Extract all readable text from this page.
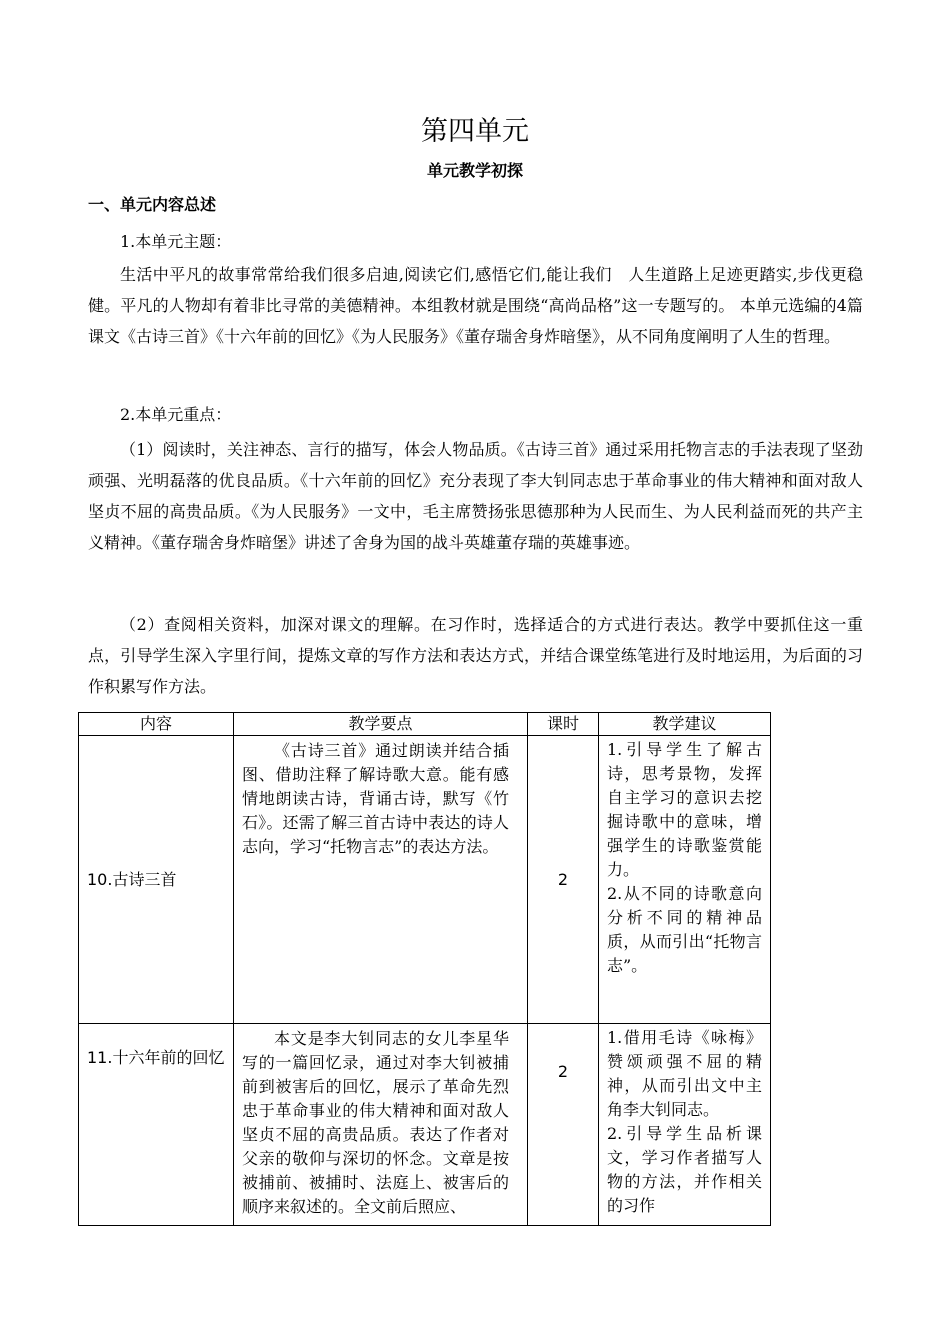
第四单元
单元教学初探
一、单元内容总述
1.本单元主题：
生活中平凡的故事常常给我们很多启迪,阅读它们,感悟它们,能让我们　人生道路上足迹更踏实,步伐更稳健。平凡的人物却有着非比寻常的美德精神。本组教材就是围绕“高尚品格”这一专题写的。 本单元选编的4篇课文《古诗三首》《十六年前的回忆》《为人民服务》《董存瑞舍身炸暗堡》，从不同角度阐明了人生的哲理。
2.本单元重点：
（1）阅读时，关注神态、言行的描写，体会人物品质。《古诗三首》通过采用托物言志的手法表现了坚劲顽强、光明磊落的优良品质。《十六年前的回忆》充分表现了李大钊同志忠于革命事业的伟大精神和面对敌人坚贞不屈的高贵品质。《为人民服务》一文中，毛主席赞扬张思德那种为人民而生、为人民利益而死的共产主义精神。《董存瑞舍身炸暗堡》讲述了舍身为国的战斗英雄董存瑞的英雄事迹。
（2）查阅相关资料，加深对课文的理解。在习作时，选择适合的方式进行表达。教学中要抓住这一重点，引导学生深入字里行间，提炼文章的写作方法和表达方式，并结合课堂练笔进行及时地运用，为后面的习作积累写作方法。
内容	教学要点	课时	教学建议
10.古诗三首	《古诗三首》通过朗读并结合插图、借助注释了解诗歌大意。能有感情地朗读古诗，背诵古诗，默写《竹石》。还需了解三首古诗中表达的诗人志向，学习“托物言志”的表达方法。	2	1.引导学生了解古诗，思考景物，发挥自主学习的意识去挖掘诗歌中的意味，增强学生的诗歌鉴赏能力。
2.从不同的诗歌意向分析不同的精神品质，从而引出“托物言志”。

11.十六年前的回忆	本文是李大钊同志的女儿李星华写的一篇回忆录，通过对李大钊被捕前到被害后的回忆，展示了革命先烈忠于革命事业的伟大精神和面对敌人坚贞不屈的高贵品质。表达了作者对父亲的敬仰与深切的怀念。文章是按被捕前、被捕时、法庭上、被害后的顺序来叙述的。全文前后照应、	2	1.借用毛诗《咏梅》赞颂顽强不屈的精神，从而引出文中主角李大钊同志。
2.引导学生品析课文，学习作者描写人物的方法，并作相关的习作
